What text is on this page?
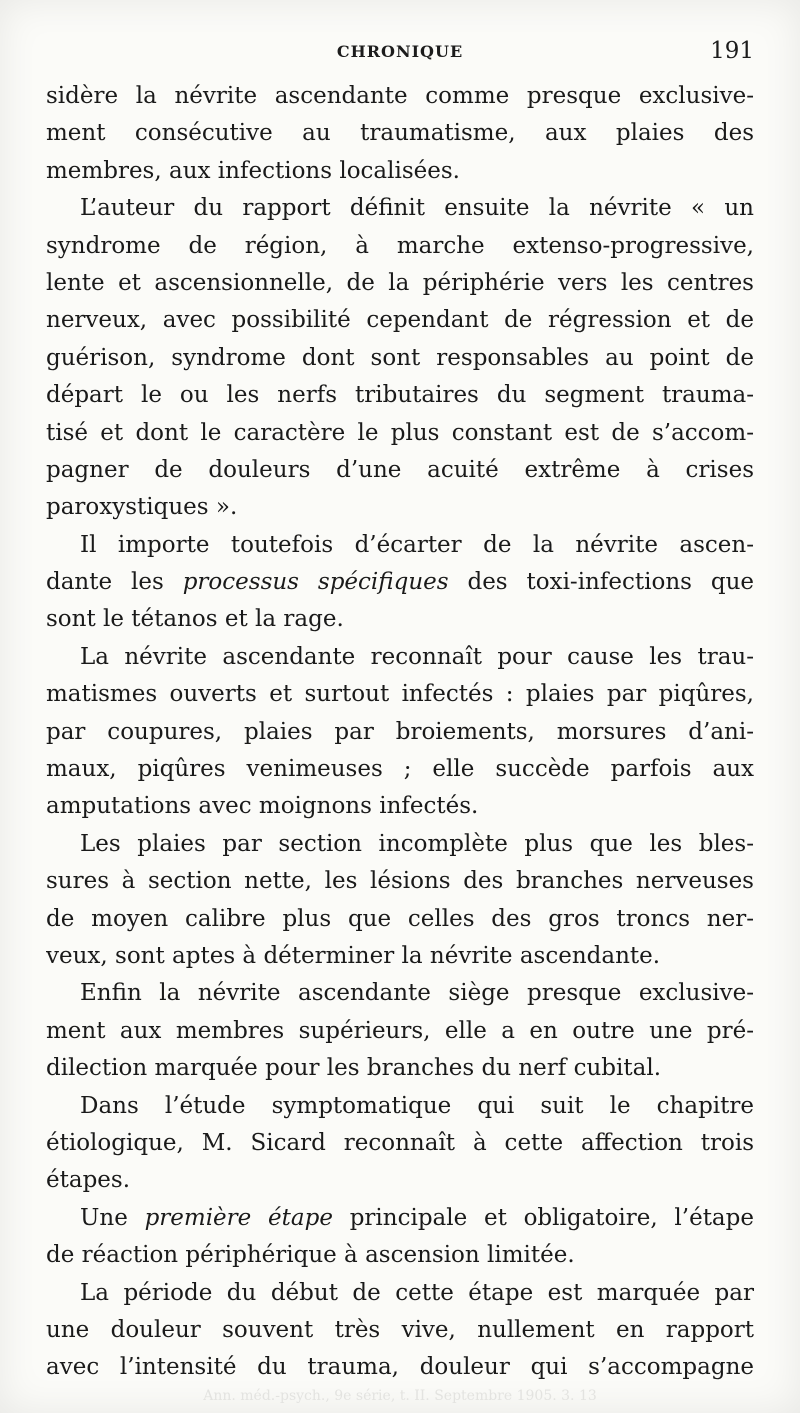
CHRONIQUE	191
sidère la névrite ascendante comme presque exclusive-
ment consécutive au traumatisme, aux plaies des
membres, aux infections localisées.
L’auteur du rapport définit ensuite la névrite « un
syndrome de région, à marche extenso-progressive,
lente et ascensionnelle, de la périphérie vers les centres
nerveux, avec possibilité cependant de régression et de
guérison, syndrome dont sont responsables au point de
départ le ou les nerfs tributaires du segment trauma-
tisé et dont le caractère le plus constant est de s’accom-
pagner de douleurs d’une acuité extrême à crises
paroxystiques ».
Il importe toutefois d’écarter de la névrite ascen-
dante les processus spécifiques des toxi-infections que
sont le tétanos et la rage.
La névrite ascendante reconnaît pour cause les trau-
matismes ouverts et surtout infectés : plaies par piqûres,
par coupures, plaies par broiements, morsures d’ani-
maux, piqûres venimeuses ; elle succède parfois aux
amputations avec moignons infectés.
Les plaies par section incomplète plus que les bles-
sures à section nette, les lésions des branches nerveuses
de moyen calibre plus que celles des gros troncs ner-
veux, sont aptes à déterminer la névrite ascendante.
Enfin la névrite ascendante siège presque exclusive-
ment aux membres supérieurs, elle a en outre une pré-
dilection marquée pour les branches du nerf cubital.
Dans l’étude symptomatique qui suit le chapitre
étiologique, M. Sicard reconnaît à cette affection trois
étapes.
Une première étape principale et obligatoire, l’étape
de réaction périphérique à ascension limitée.
La période du début de cette étape est marquée par
une douleur souvent très vive, nullement en rapport
avec l’intensité du trauma, douleur qui s’accompagne
Ann. méd.-psych., 9e série, t. II. Septembre 1905. 3. 13
